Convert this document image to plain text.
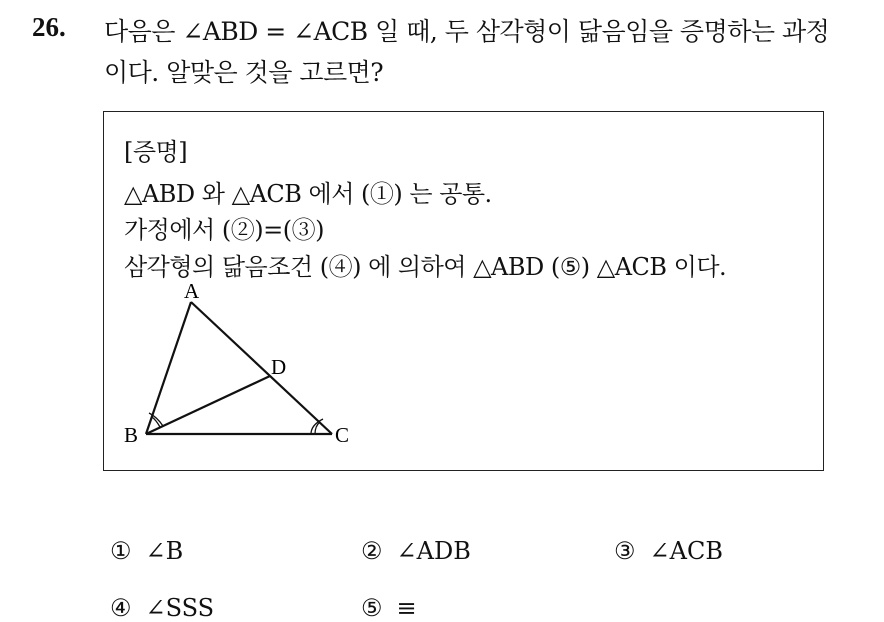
26. 다음은 ∠ABD = ∠ACB 일 때, 두 삼각형이 닮음임을 증명하는 과정
이다. 알맞은 것을 고르면?
[증명]
△ABD 와 △ACB 에서 (①) 는 공통.
가정에서 (②)=(③)
삼각형의 닮음조건 (④) 에 의하여 △ABD (⑤) △ACB 이다.
A
B	C
D
① ∠B	② ∠ADB	③ ∠ACB
④ ∠SSS	⑤ ≡
